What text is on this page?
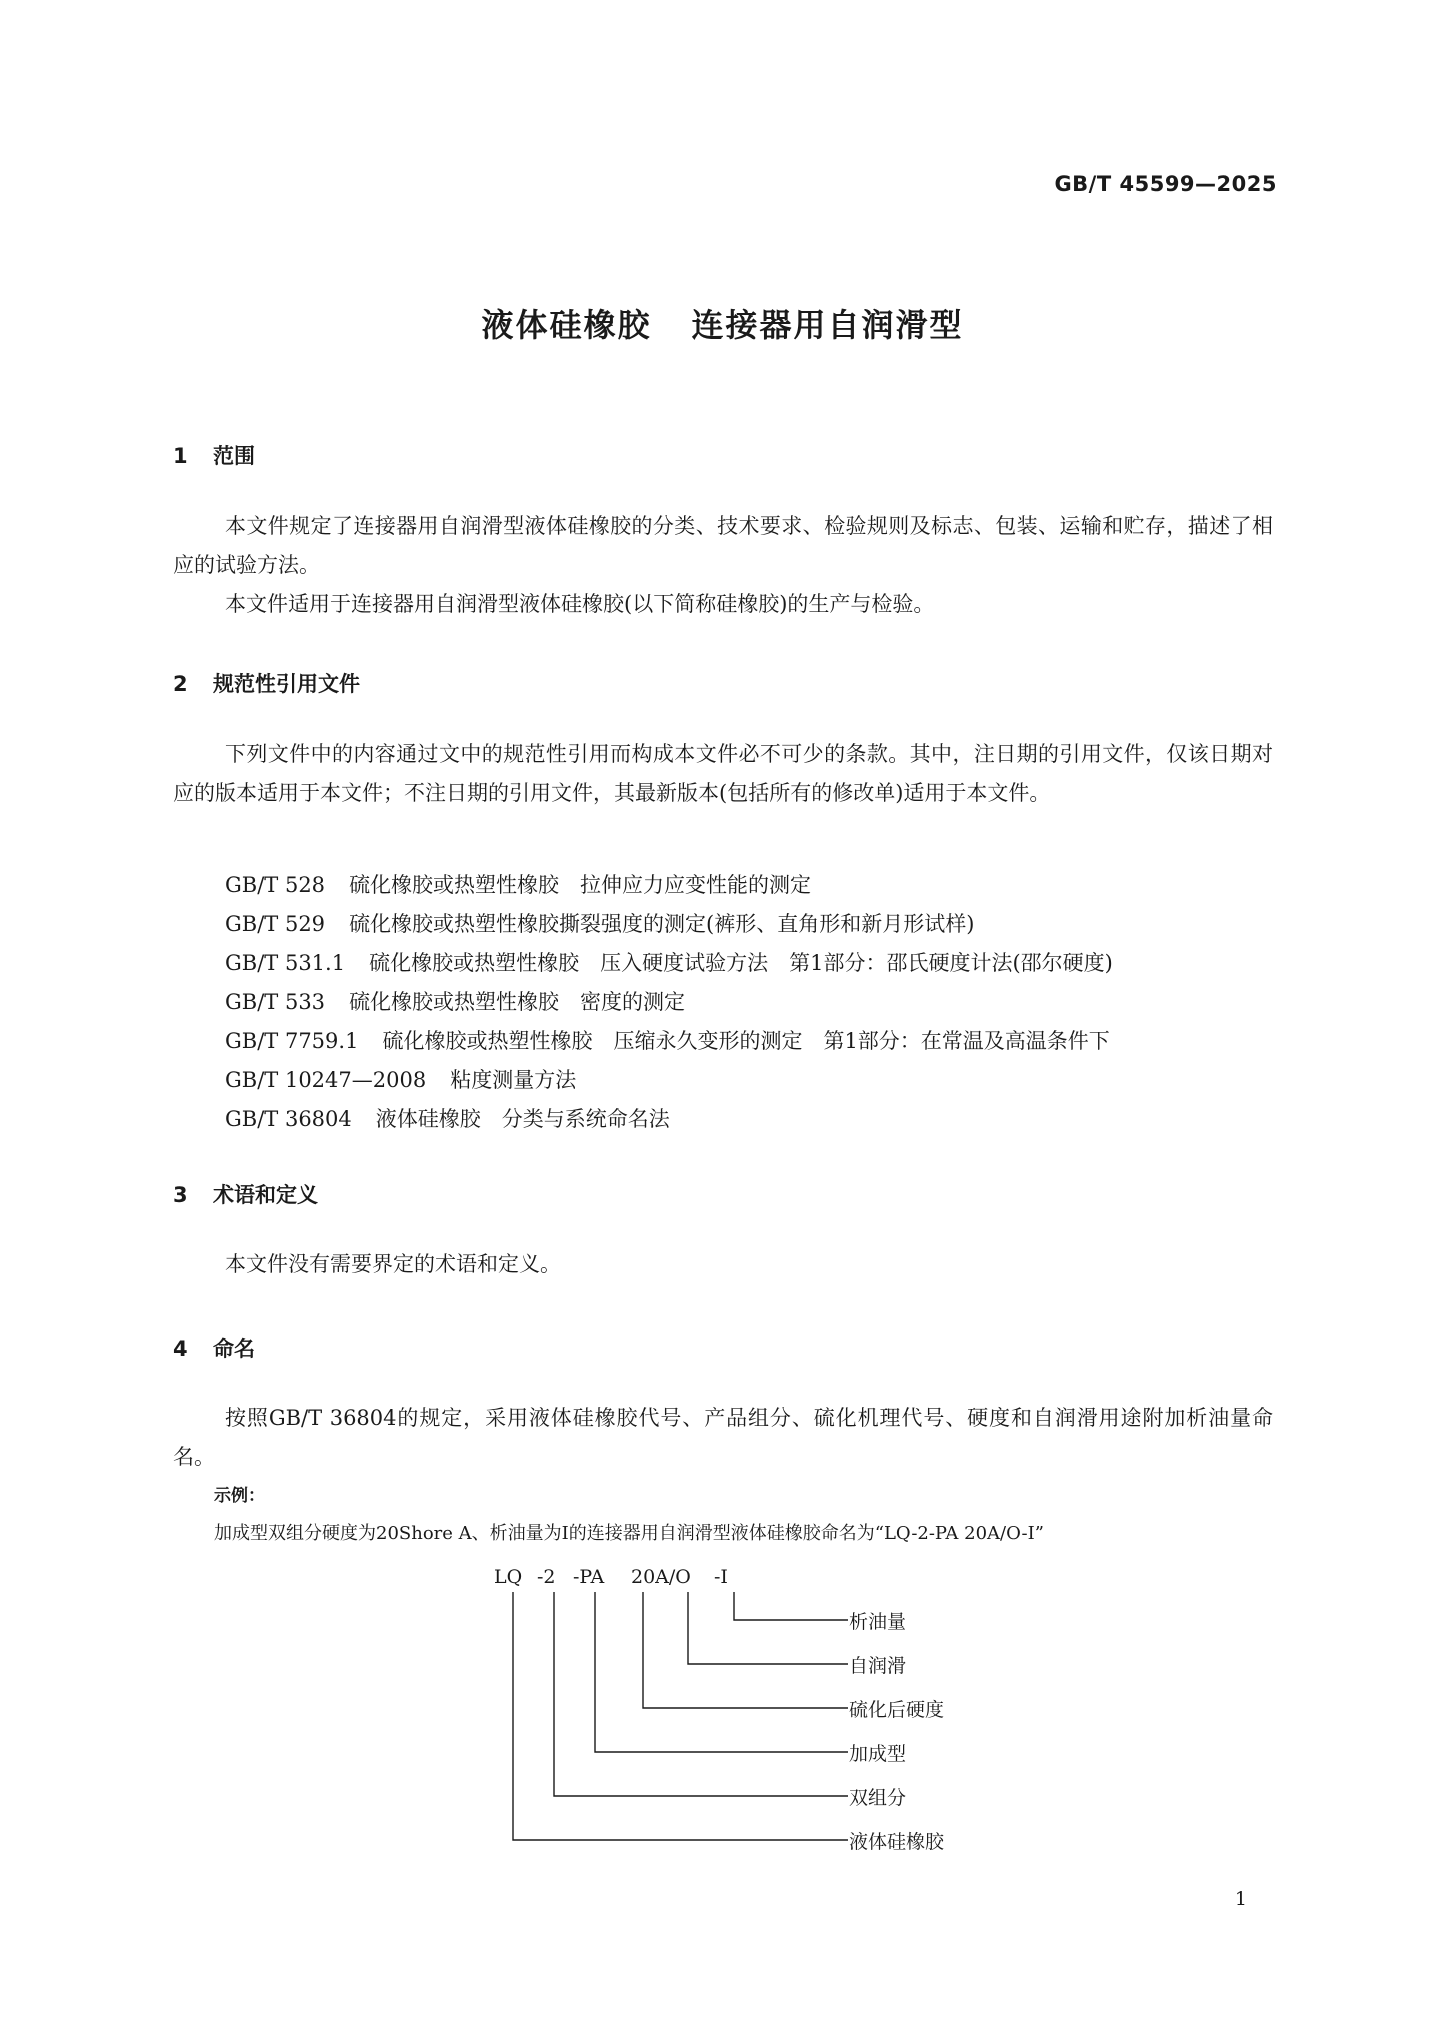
GB/T 45599—2025
液体硅橡胶 连接器用自润滑型
1 范围
本文件规定了连接器用自润滑型液体硅橡胶的分类、技术要求、检验规则及标志、包装、运输和贮存，描述了相应的试验方法。
本文件适用于连接器用自润滑型液体硅橡胶(以下简称硅橡胶)的生产与检验。
2 规范性引用文件
下列文件中的内容通过文中的规范性引用而构成本文件必不可少的条款。其中，注日期的引用文件，仅该日期对应的版本适用于本文件；不注日期的引用文件，其最新版本(包括所有的修改单)适用于本文件。
GB/T 528 硫化橡胶或热塑性橡胶　拉伸应力应变性能的测定
GB/T 529 硫化橡胶或热塑性橡胶撕裂强度的测定(裤形、直角形和新月形试样)
GB/T 531.1 硫化橡胶或热塑性橡胶　压入硬度试验方法　第1部分：邵氏硬度计法(邵尔硬度)
GB/T 533 硫化橡胶或热塑性橡胶　密度的测定
GB/T 7759.1 硫化橡胶或热塑性橡胶　压缩永久变形的测定　第1部分：在常温及高温条件下
GB/T 10247—2008 粘度测量方法
GB/T 36804 液体硅橡胶　分类与系统命名法
3 术语和定义
本文件没有需要界定的术语和定义。
4 命名
按照GB/T 36804的规定，采用液体硅橡胶代号、产品组分、硫化机理代号、硬度和自润滑用途附加析油量命名。
示例：
加成型双组分硬度为20Shore A、析油量为Ⅰ的连接器用自润滑型液体硅橡胶命名为“LQ-2-PA 20A/O-Ⅰ”
LQ -2 -PA 20A/O -Ⅰ
析油量
自润滑
硫化后硬度
加成型
双组分
液体硅橡胶
1
